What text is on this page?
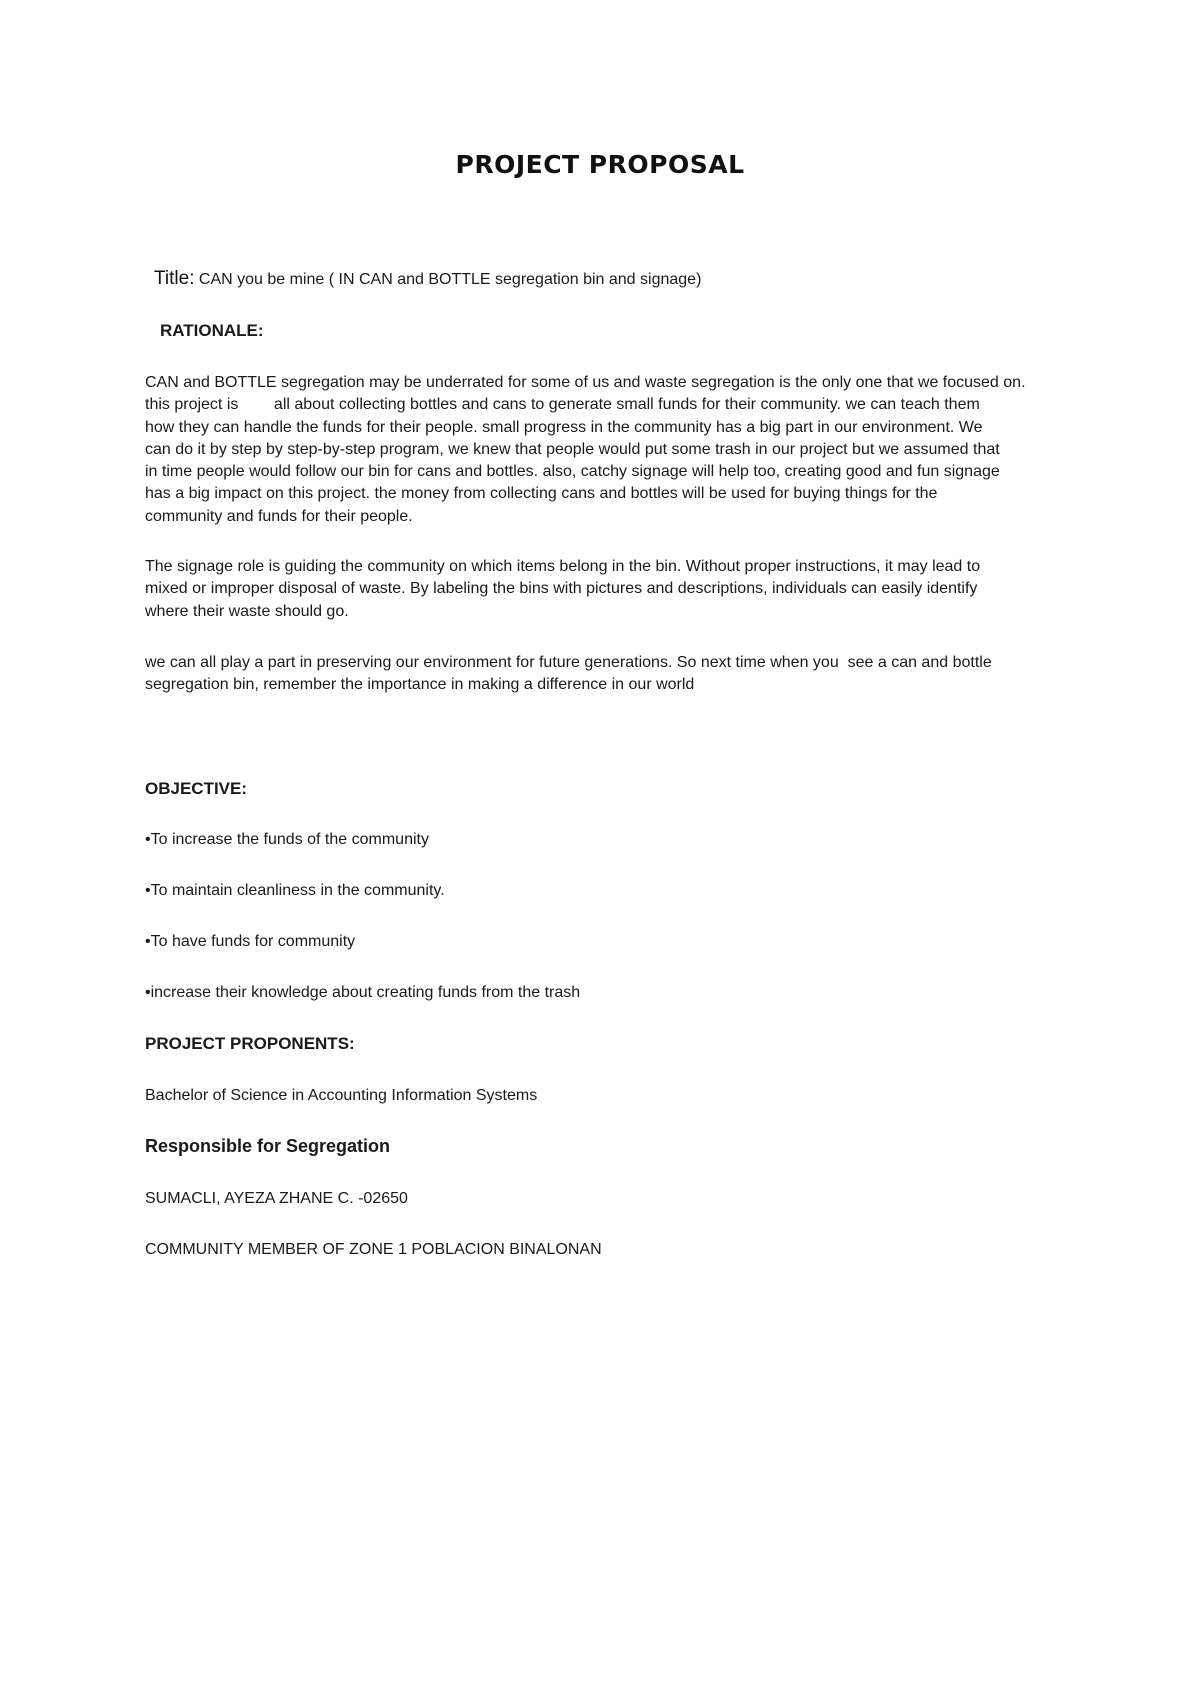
PROJECT PROPOSAL
Title: CAN you be mine ( IN CAN and BOTTLE segregation bin and signage)
RATIONALE:

CAN and BOTTLE segregation may be underrated for some of us and waste segregation is the only one that we focused on.
this project is        all about collecting bottles and cans to generate small funds for their community. we can teach them
how they can handle the funds for their people. small progress in the community has a big part in our environment. We
can do it by step by step-by-step program, we knew that people would put some trash in our project but we assumed that
in time people would follow our bin for cans and bottles. also, catchy signage will help too, creating good and fun signage
has a big impact on this project. the money from collecting cans and bottles will be used for buying things for the
community and funds for their people.

The signage role is guiding the community on which items belong in the bin. Without proper instructions, it may lead to
mixed or improper disposal of waste. By labeling the bins with pictures and descriptions, individuals can easily identify
where their waste should go.

we can all play a part in preserving our environment for future generations. So next time when you  see a can and bottle
segregation bin, remember the importance in making a difference in our world

OBJECTIVE:
•To increase the funds of the community
•To maintain cleanliness in the community.
•To have funds for community
•increase their knowledge about creating funds from the trash
PROJECT PROPONENTS:
Bachelor of Science in Accounting Information Systems
Responsible for Segregation
SUMACLI, AYEZA ZHANE C. -02650
COMMUNITY MEMBER OF ZONE 1 POBLACION BINALONAN
